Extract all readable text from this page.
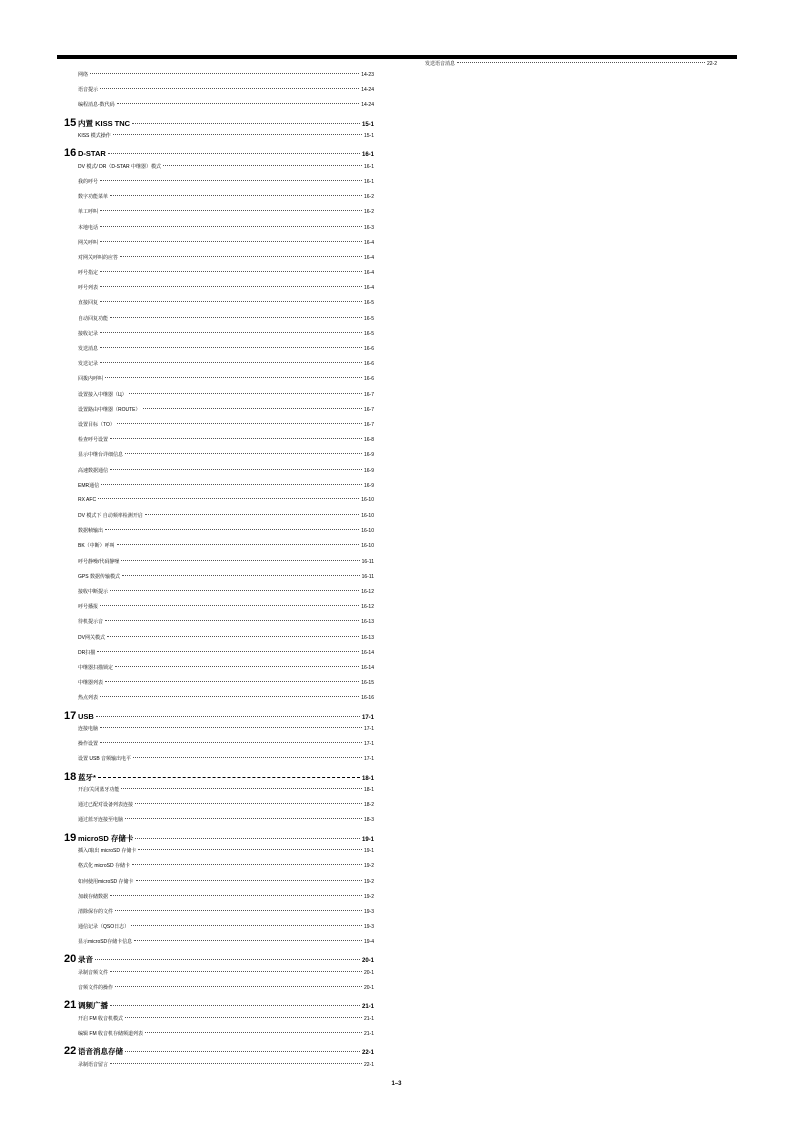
发送语音消息	22-2
网络	14-23
语音提示	14-24
编程消息-数代码	14-24
15 内置 KISS TNC	15-1
KISS 模式操作	15-1
16 D-STAR	16-1
DV 模式/ DR（D-STAR 中继器）模式	16-1
我的呼号	16-1
数字功能菜单	16-2
单工呼叫	16-2
本地电话	16-3
网关呼叫	16-4
对网关呼叫的应答	16-4
呼号指定	16-4
呼号列表	16-4
直接回复	16-5
自动回复功能	16-5
接收记录	16-5
发送消息	16-6
发送记录	16-6
回拨内呼叫	16-6
设置接入中继器（Ц）	16-7
设置路由中继器（ROUTE）	16-7
设置目标（TO）	16-7
检查呼号设置	16-8
显示中继台详细信息	16-9
高速数据通信	16-9
EMR通信	16-9
RX AFC	16-10
DV 模式下 自动频率检测开启	16-10
数据帧输出	16-10
BK（中断）呼叫	16-10
呼号静噪/代码静噪	16-11
GPS 数据传输模式	16-11
接收中断提示	16-12
呼号播报	16-12
待机提示音	16-13
DV网关模式	16-13
DR扫描	16-14
中继器扫描锁定	16-14
中继器列表	16-15
热点列表	16-16
17 USB	17-1
连接电脑	17-1
操作设置	17-1
设置 USB 音频输出电平	17-1
18 蓝牙*	18-1
开启/关闭蓝牙功能	18-1
通过已配对设备列表连接	18-2
通过蓝牙连接至电脑	18-3
19 microSD 存储卡	19-1
插入/取出 microSD 存储卡	19-1
格式化 microSD 存储卡	19-2
如何使用microSD 存储卡	19-2
加载存储数据	19-2
清除保存的文件	19-3
通信记录（QSO日志）	19-3
显示microSD存储卡信息	19-4
20 录音	20-1
录制音频文件	20-1
音频文件的操作	20-1
21 调频广播	21-1
开启 FM 收音机模式	21-1
编辑 FM 收音机存储频道列表	21-1
22 语音消息存储	22-1
录制语音留言	22-1
1–3
